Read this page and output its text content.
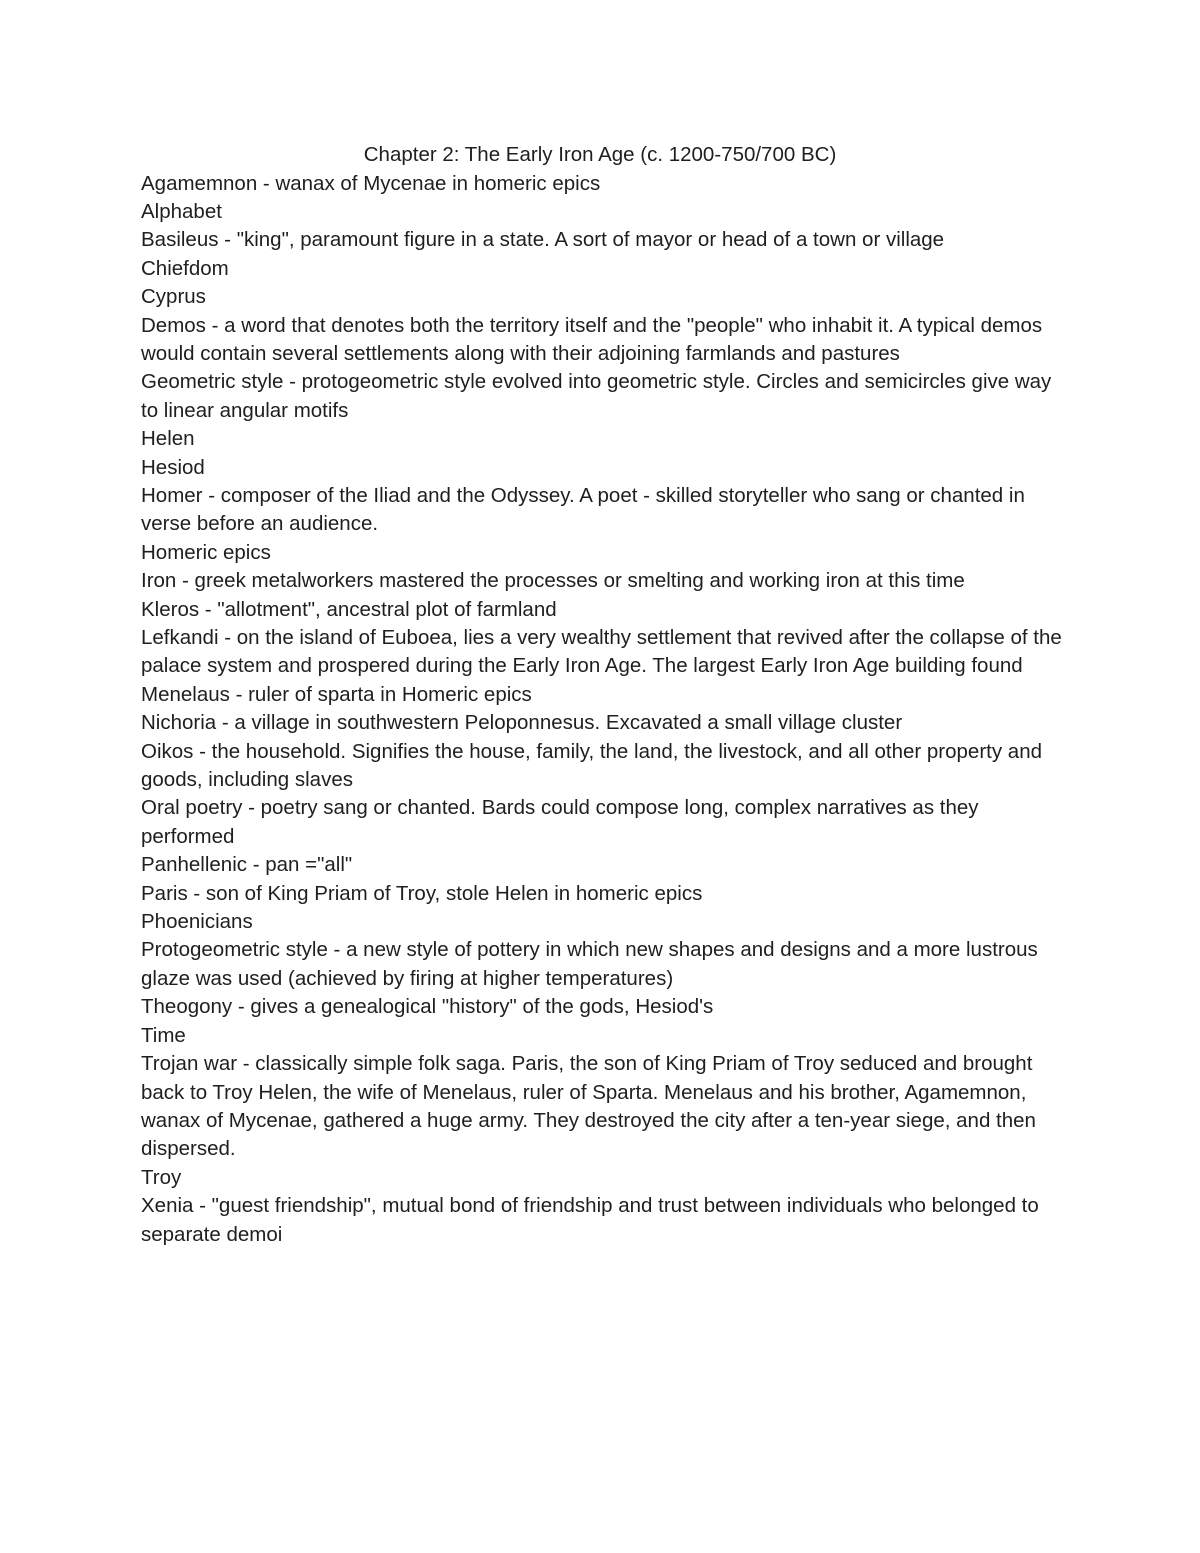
Chapter 2: The Early Iron Age (c. 1200-750/700 BC)
Agamemnon - wanax of Mycenae in homeric epics
Alphabet
Basileus - "king", paramount figure in a state. A sort of mayor or head of a town or village
Chiefdom
Cyprus
Demos - a word that denotes both the territory itself and the "people" who inhabit it. A typical demos would contain several settlements along with their adjoining farmlands and pastures
Geometric style - protogeometric style evolved into geometric style. Circles and semicircles give way to linear angular motifs
Helen
Hesiod
Homer - composer of the Iliad and the Odyssey. A poet - skilled storyteller who sang or chanted in verse before an audience.
Homeric epics
Iron - greek metalworkers mastered the processes or smelting and working iron at this time
Kleros - "allotment", ancestral plot of farmland
Lefkandi - on the island of Euboea, lies a very wealthy settlement that revived after the collapse of the palace system and prospered during the Early Iron Age. The largest Early Iron Age building found
Menelaus - ruler of sparta in Homeric epics
Nichoria - a village in southwestern Peloponnesus. Excavated a small village cluster
Oikos - the household. Signifies the house, family, the land, the livestock, and all other property and goods, including slaves
Oral poetry - poetry sang or chanted. Bards could compose long, complex narratives as they performed
Panhellenic - pan ="all"
Paris - son of King Priam of Troy, stole Helen in homeric epics
Phoenicians
Protogeometric style - a new style of pottery in which new shapes and designs and a more lustrous glaze was used (achieved by firing at higher temperatures)
Theogony - gives a genealogical "history" of the gods, Hesiod's
Time
Trojan war - classically simple folk saga. Paris, the son of King Priam of Troy seduced and brought back to Troy Helen, the wife of Menelaus, ruler of Sparta. Menelaus and his brother, Agamemnon, wanax of Mycenae, gathered a huge army. They destroyed the city after a ten-year siege, and then dispersed.
Troy
Xenia - "guest friendship", mutual bond of friendship and trust between individuals who belonged to separate demoi
